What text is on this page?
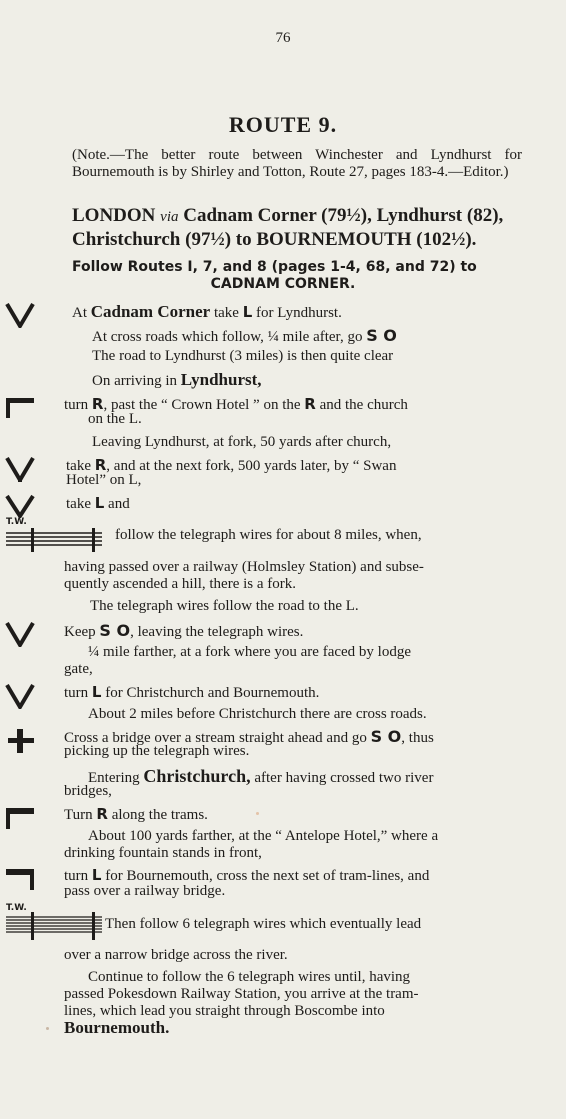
76
ROUTE 9.
(Note.—The better route between Winchester and Lyndhurst for Bournemouth is by Shirley and Totton, Route 27, pages 183-4.—Editor.)
LONDON via Cadnam Corner (79½), Lyndhurst (82),
Christchurch (97½) to BOURNEMOUTH (102½).
Follow Routes I, 7, and 8 (pages 1-4, 68, and 72) to
CADNAM CORNER.
At Cadnam Corner take L for Lyndhurst.
At cross roads which follow, ¼ mile after, go S O
The road to Lyndhurst (3 miles) is then quite clear
On arriving in Lyndhurst,
turn R, past the “ Crown Hotel ” on the R and the church
on the L.
Leaving Lyndhurst, at fork, 50 yards after church,
take R, and at the next fork, 500 yards later, by “ Swan
Hotel” on L,
take L and
T.W.
follow the telegraph wires for about 8 miles, when,
having passed over a railway (Holmsley Station) and subse-
quently ascended a hill, there is a fork.
The telegraph wires follow the road to the L.
Keep S O, leaving the telegraph wires.
¼ mile farther, at a fork where you are faced by lodge
gate,
turn L for Christchurch and Bournemouth.
About 2 miles before Christchurch there are cross roads.
Cross a bridge over a stream straight ahead and go S O, thus
picking up the telegraph wires.
Entering Christchurch, after having crossed two river
bridges,
Turn R along the trams.
About 100 yards farther, at the “ Antelope Hotel,” where a
drinking fountain stands in front,
turn L for Bournemouth, cross the next set of tram-lines, and
pass over a railway bridge.
T.W.
Then follow 6 telegraph wires which eventually lead
over a narrow bridge across the river.
Continue to follow the 6 telegraph wires until, having
passed Pokesdown Railway Station, you arrive at the tram-
lines, which lead you straight through Boscombe into
Bournemouth.
